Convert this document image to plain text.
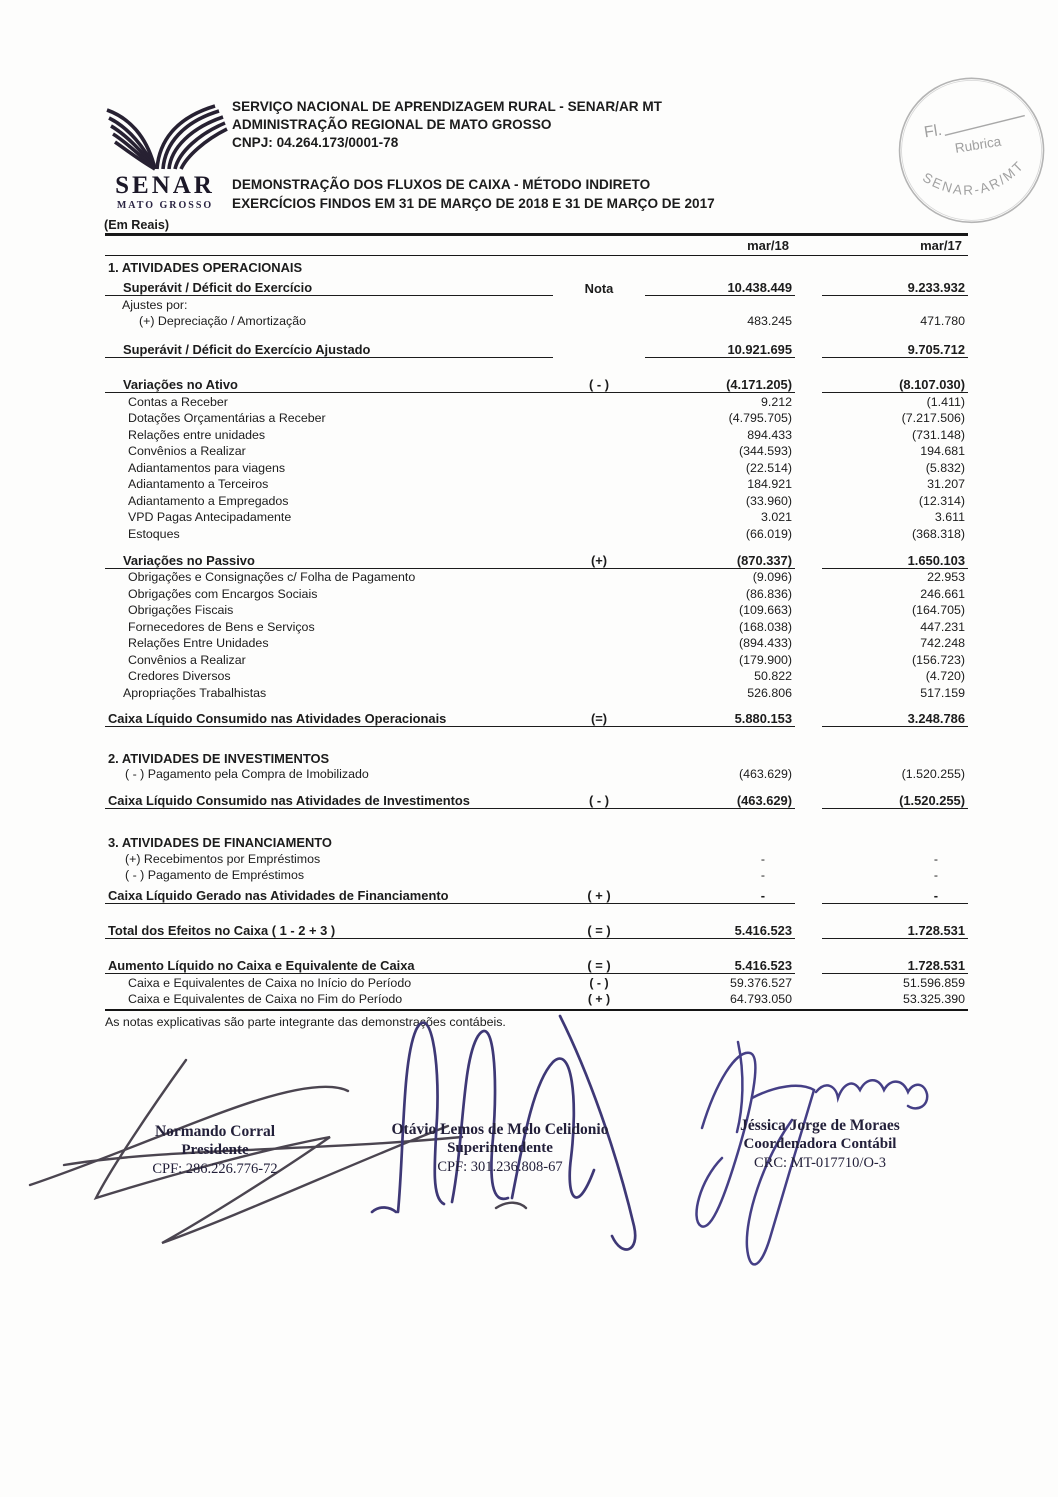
SENAR
MATO GROSSO
SERVIÇO NACIONAL DE APRENDIZAGEM RURAL - SENAR/AR MT
ADMINISTRAÇÃO REGIONAL DE MATO GROSSO
CNPJ: 04.264.173/0001-78
DEMONSTRAÇÃO DOS FLUXOS DE CAIXA - MÉTODO INDIRETO
EXERCÍCIOS FINDOS EM 31 DE MARÇO DE 2018 E 31 DE MARÇO DE 2017
Fl.
Rubrica
SENAR-AR/MT
(Em Reais)
mar/18	mar/17
1. ATIVIDADES OPERACIONAIS
Superávit / Déficit do Exercício	Nota	10.438.449	9.233.932
Ajustes por:
(+) Depreciação / Amortização	483.245	471.780
Superávit / Déficit do Exercício Ajustado	10.921.695	9.705.712
Variações no Ativo	( - )	(4.171.205)	(8.107.030)
Contas a Receber	9.212	(1.411)
Dotações Orçamentárias a Receber	(4.795.705)	(7.217.506)
Relações entre unidades	894.433	(731.148)
Convênios a Realizar	(344.593)	194.681
Adiantamentos para viagens	(22.514)	(5.832)
Adiantamento a Terceiros	184.921	31.207
Adiantamento a Empregados	(33.960)	(12.314)
VPD Pagas Antecipadamente	3.021	3.611
Estoques	(66.019)	(368.318)
Variações no Passivo	(+)	(870.337)	1.650.103
Obrigações e Consignações c/ Folha de Pagamento	(9.096)	22.953
Obrigações com Encargos Sociais	(86.836)	246.661
Obrigações Fiscais	(109.663)	(164.705)
Fornecedores de Bens e Serviços	(168.038)	447.231
Relações Entre Unidades	(894.433)	742.248
Convênios a Realizar	(179.900)	(156.723)
Credores Diversos	50.822	(4.720)
Apropriações Trabalhistas	526.806	517.159
Caixa Líquido Consumido nas Atividades Operacionais	(=)	5.880.153	3.248.786
2. ATIVIDADES DE INVESTIMENTOS
( - ) Pagamento pela Compra de Imobilizado	(463.629)	(1.520.255)
Caixa Líquido Consumido nas Atividades de Investimentos	( - )	(463.629)	(1.520.255)
3. ATIVIDADES DE FINANCIAMENTO
(+) Recebimentos por Empréstimos	-	-
( - ) Pagamento de Empréstimos	-	-
Caixa Líquido Gerado nas Atividades de Financiamento	( + )	-	-
Total dos Efeitos no Caixa ( 1 - 2 + 3 )	( = )	5.416.523	1.728.531
Aumento Líquido no Caixa e Equivalente de Caixa	( = )	5.416.523	1.728.531
Caixa e Equivalentes de Caixa no Início do Período	( - )	59.376.527	51.596.859
Caixa e Equivalentes de Caixa no Fim do Período	( + )	64.793.050	53.325.390
As notas explicativas são parte integrante das demonstrações contábeis.
Normando Corral
Presidente
CPF: 286.226.776-72
Otávio Lemos de Melo Celidonio
Superintendente
CPF: 301.236.808-67
Jéssica Jorge de Moraes
Coordenadora Contábil
CRC: MT-017710/O-3
